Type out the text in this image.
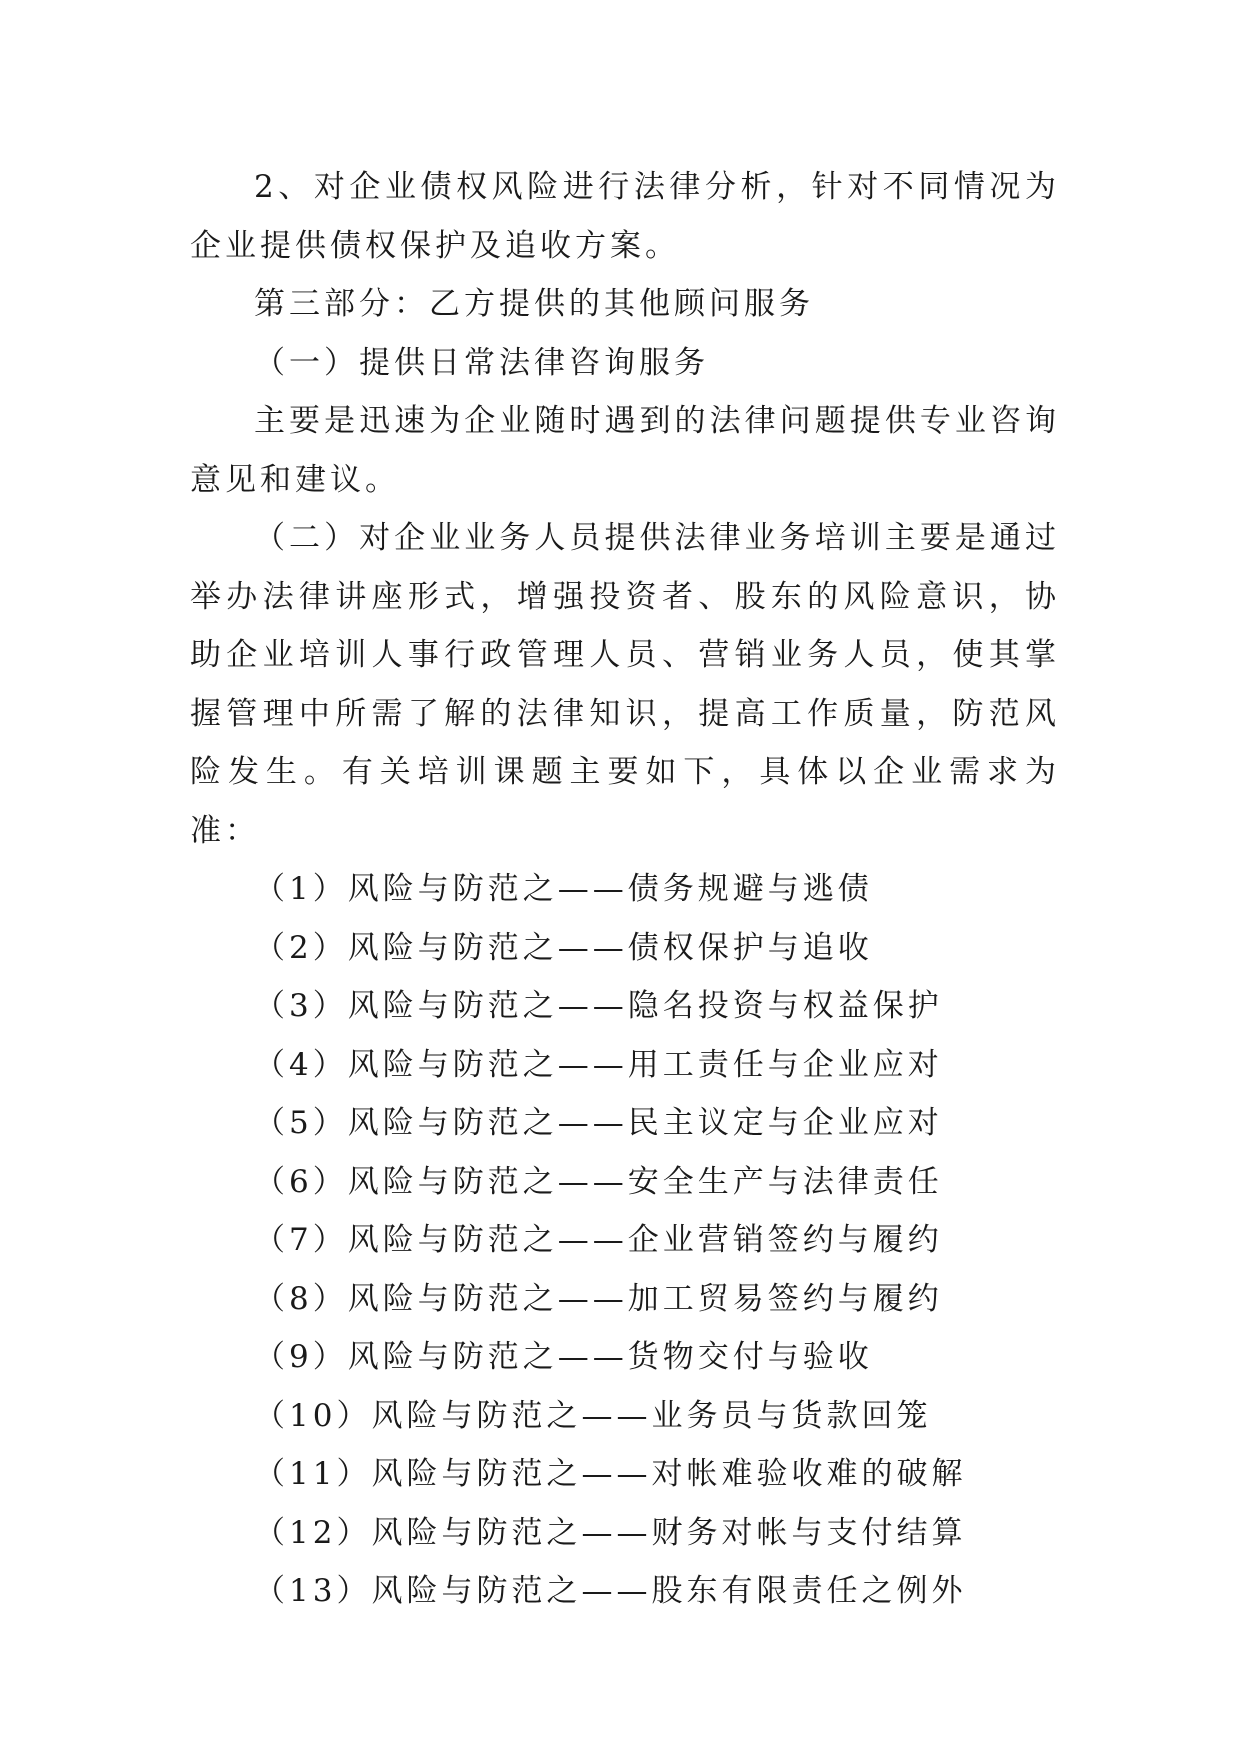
2、对企业债权风险进行法律分析，针对不同情况为企业提供债权保护及追收方案。

第三部分：乙方提供的其他顾问服务

（一）提供日常法律咨询服务

主要是迅速为企业随时遇到的法律问题提供专业咨询意见和建议。

（二）对企业业务人员提供法律业务培训主要是通过举办法律讲座形式，增强投资者、股东的风险意识，协助企业培训人事行政管理人员、营销业务人员，使其掌握管理中所需了解的法律知识，提高工作质量，防范风险发生。有关培训课题主要如下，具体以企业需求为准：

（1）风险与防范之——债务规避与逃债

（2）风险与防范之——债权保护与追收

（3）风险与防范之——隐名投资与权益保护

（4）风险与防范之——用工责任与企业应对

（5）风险与防范之——民主议定与企业应对

（6）风险与防范之——安全生产与法律责任

（7）风险与防范之——企业营销签约与履约

（8）风险与防范之——加工贸易签约与履约

（9）风险与防范之——货物交付与验收

（10）风险与防范之——业务员与货款回笼

（11）风险与防范之——对帐难验收难的破解

（12）风险与防范之——财务对帐与支付结算

（13）风险与防范之——股东有限责任之例外
